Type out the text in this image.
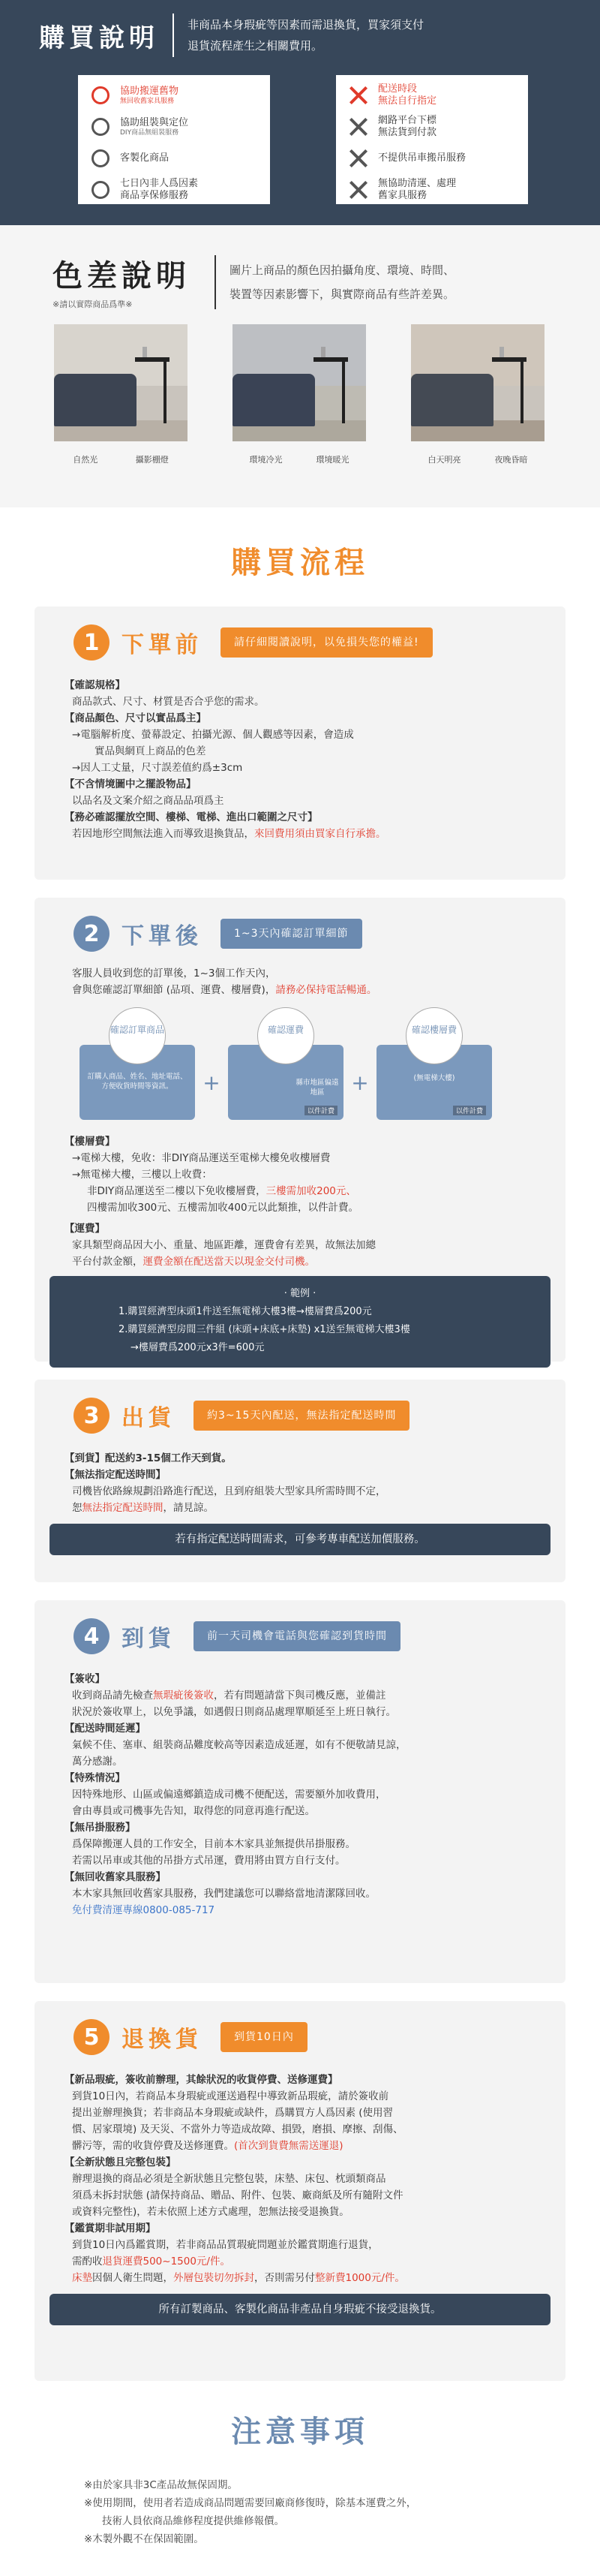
購買說明	非商品本身瑕疵等因素而需退換貨，買家須支付
退貨流程產生之相關費用。
協助搬運舊物
無回收舊家具服務
協助組裝與定位
DIY商品無組裝服務
客製化商品
七日內非人爲因素
商品享保修服務
配送時段
無法自行指定
網路平台下標
無法貨到付款
不提供吊車搬吊服務
無協助清運、處理
舊家具服務
色差說明
※請以實際商品爲準※
圖片上商品的顏色因拍攝角度、環境、時間、
裝置等因素影響下，與實際商品有些許差異。
自然光	攝影棚燈	環境冷光	環境暖光	白天明亮	夜晚昏暗
購買流程
1 下單前	請仔細閱讀說明，以免損失您的權益!
【確認規格】
商品款式、尺寸、材質是否合乎您的需求。
【商品顏色、尺寸以實品爲主】
→電腦解析度、螢幕設定、拍攝光源、個人觀感等因素，會造成
實品與網頁上商品的色差
→因人工丈量，尺寸誤差值約爲±3cm
【不含情境圖中之擺設物品】
以品名及文案介紹之商品品項爲主
【務必確認擺放空間、樓梯、電梯、進出口範圍之尺寸】
若因地形空間無法進入而導致退換貨品，來回費用須由買家自行承擔。
2 下單後	1~3天內確認訂單細節
客服人員收到您的訂單後，1~3個工作天內，
會與您確認訂單細節 (品項、運費、樓層費)，請務必保持電話暢通。
確認訂單商品
訂購人商品、姓名、地址電話、方便收貨時間等資訊。	+
確認運費
縣市地區偏遠地區
以件計費
+
確認樓層費
(無電梯大樓)
以件計費
【樓層費】
→電梯大樓，免收：非DIY商品運送至電梯大樓免收樓層費
→無電梯大樓，三樓以上收費：
非DIY商品運送至二樓以下免收樓層費，三樓需加收200元、
四樓需加收300元、五樓需加收400元以此類推，以件計費。
【運費】
家具類型商品因大小、重量、地區距離，運費會有差異，故無法加總
平台付款金額，運費金額在配送當天以現金交付司機。
· 範例 ·
1.購買經濟型床頭1件送至無電梯大樓3樓→樓層費爲200元
2.購買經濟型房間三件組 (床頭+床底+床墊) x1送至無電梯大樓3樓
→樓層費爲200元x3件=600元
3 出貨	約3~15天內配送，無法指定配送時間
【到貨】配送約3-15個工作天到貨。
【無法指定配送時間】
司機皆依路線規劃沿路進行配送，且到府組裝大型家具所需時間不定，
恕無法指定配送時間，請見諒。
若有指定配送時間需求，可參考專車配送加價服務。
4 到貨	前一天司機會電話與您確認到貨時間
【簽收】
收到商品請先檢查無瑕疵後簽收，若有問題請當下與司機反應，並備註
狀況於簽收單上，以免爭議，如遇假日則商品處理單順延至上班日執行。
【配送時間延遲】
氣候不佳、塞車、組裝商品難度較高等因素造成延遲，如有不便敬請見諒，
萬分感謝。
【特殊情況】
因特殊地形、山區或偏遠鄉鎮造成司機不便配送，需要額外加收費用，
會由專員或司機事先告知，取得您的同意再進行配送。
【無吊掛服務】
爲保障搬運人員的工作安全，目前本木家具並無提供吊掛服務。
若需以吊車或其他的吊掛方式吊運，費用將由買方自行支付。
【無回收舊家具服務】
本木家具無回收舊家具服務，我們建議您可以聯絡當地清潔隊回收。
免付費清運專線0800-085-717
5 退換貨	到貨10日內
【新品瑕疵，簽收前辦理，其餘狀況的收貨停費、送修運費】
到貨10日內，若商品本身瑕疵或運送過程中導致新品瑕疵，請於簽收前
提出並辦理換貨；若非商品本身瑕疵或缺件，爲購買方人爲因素 (使用習
慣、居家環境) 及天災、不當外力等造成故障、損毀，磨損、摩擦、刮傷、
髒污等，需的收貨停費及送修運費。(首次到貨費無需送運退)
【全新狀態且完整包裝】
辦理退換的商品必須是全新狀態且完整包裝，床墊、床包、枕頭類商品
須爲未拆封狀態 (請保持商品、贈品、附件、包裝、廠商紙及所有隨附文件
或資料完整性)，若未依照上述方式處理，恕無法接受退換貨。
【鑑賞期非試用期】
到貨10日內爲鑑賞期，若非商品品質瑕疵問題並於鑑賞期進行退貨，
需酌收退貨運費500~1500元/件。
床墊因個人衛生問題，外層包裝切勿拆封，否則需另付整新費1000元/件。
所有訂製商品、客製化商品非產品自身瑕疵不接受退換貨。
注意事項
※由於家具非3C產品故無保固期。
※使用期間，使用者若造成商品問題需要回廠商修復時，除基本運費之外，
技術人員依商品維修程度提供維修報價。
※木製外觀不在保固範圍。
